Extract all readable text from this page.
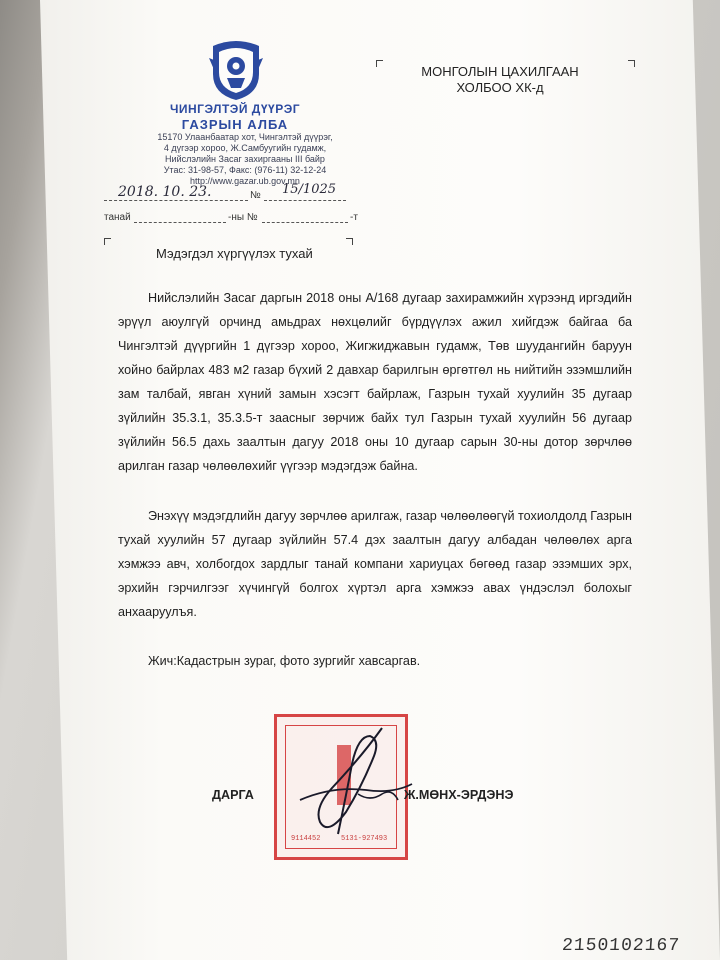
ЧИНГЭЛТЭЙ ДҮҮРЭГ
ГАЗРЫН АЛБА
15170 Улаанбаатар хот, Чингэлтэй дүүрэг,
4 дүгээр хороо, Ж.Самбуугийн гудамж,
Нийслэлийн Засаг захиргааны III байр
Утас: 31-98-57, Факс: (976-11) 32-12-24
http://www.gazar.ub.gov.mn
МОНГОЛЫН ЦАХИЛГААН
ХОЛБОО ХК-д
2018. 10. 23.	№ 15/1025
танай	-ны №	-т
Мэдэгдэл хүргүүлэх тухай
Нийслэлийн Засаг даргын 2018 оны А/168 дугаар захирамжийн хүрээнд иргэдийн эрүүл аюулгүй орчинд амьдрах нөхцөлийг бүрдүүлэх ажил хийгдэж байгаа ба Чингэлтэй дүүргийн 1 дүгээр хороо, Жигжиджавын гудамж, Төв шуудангийн баруун хойно байрлах 483 м2 газар бүхий 2 давхар барилгын өргөтгөл нь нийтийн эзэмшлийн зам талбай, явган хүний замын хэсэгт байрлаж, Газрын тухай хуулийн 35 дугаар зүйлийн 35.3.1, 35.3.5-т заасныг зөрчиж байх тул Газрын тухай хуулийн 56 дугаар зүйлийн 56.5 дахь заалтын дагуу 2018 оны 10 дугаар сарын 30-ны дотор зөрчлөө арилган газар чөлөөлөхийг үүгээр мэдэгдэж байна.
Энэхүү мэдэгдлийн дагуу зөрчлөө арилгаж, газар чөлөөлөөгүй тохиолдолд Газрын тухай хуулийн 57 дугаар зүйлийн 57.4 дэх заалтын дагуу албадан чөлөөлөх арга хэмжээ авч, холбогдох зардлыг танай компани хариуцах бөгөөд газар эзэмших эрх, эрхийн гэрчилгээг хүчингүй болгох хүртэл арга хэмжээ авах үндэслэл болохыг анхааруулъя.
Жич:Кадастрын зураг, фото зургийг хавсаргав.
9114452	5131-927493
ДАРГА	Ж.МӨНХ-ЭРДЭНЭ
2150102167
